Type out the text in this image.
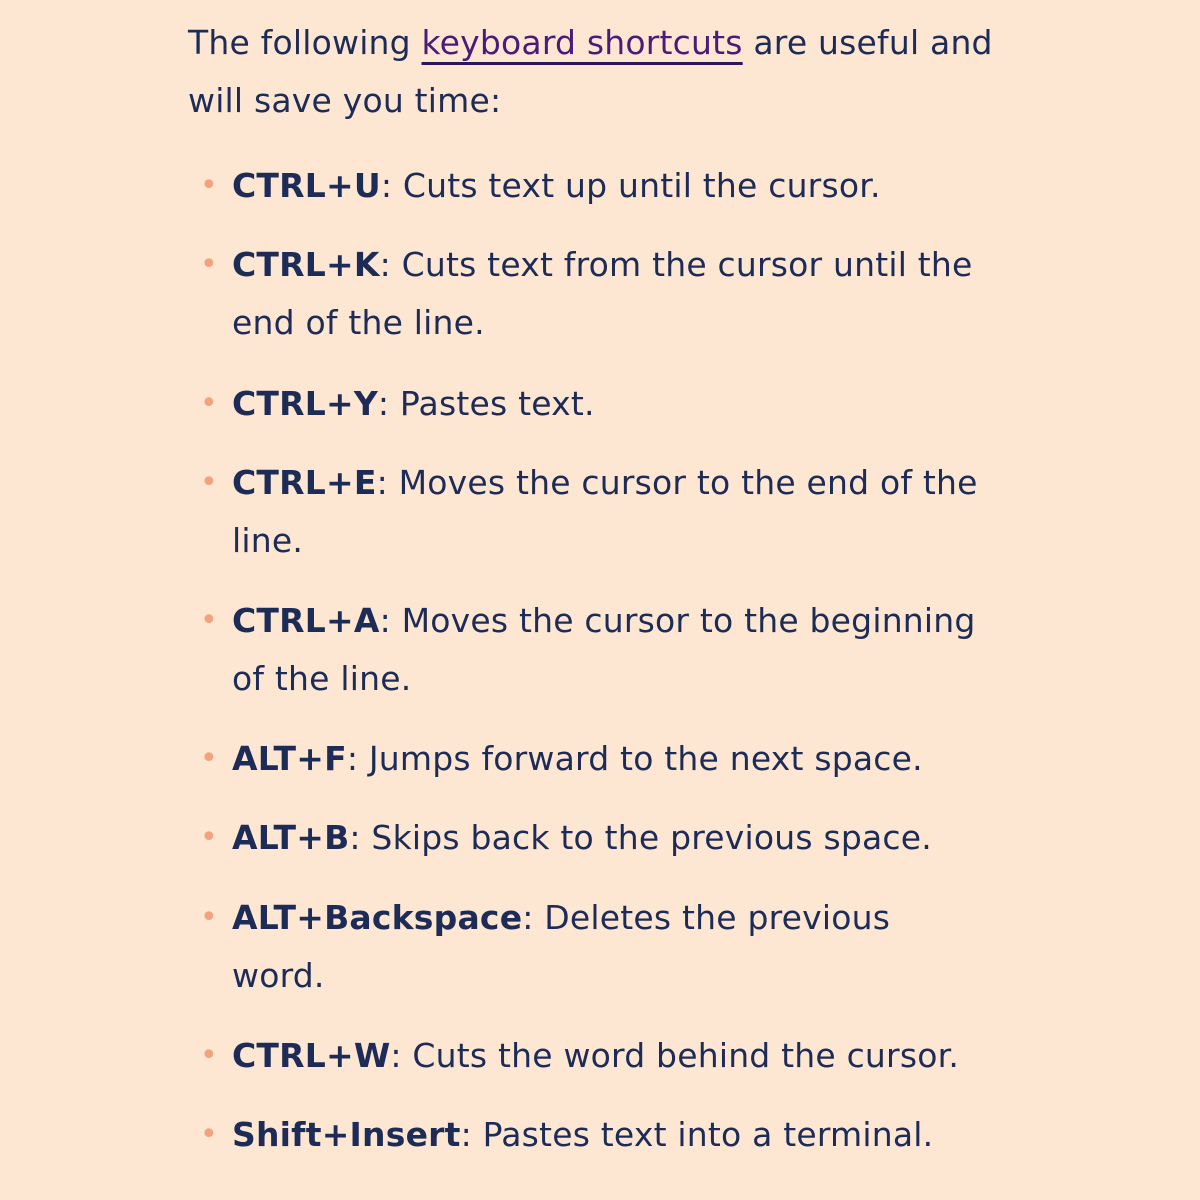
The following keyboard shortcuts are useful and will save you time:

• CTRL+U: Cuts text up until the cursor.
• CTRL+K: Cuts text from the cursor until the end of the line.
• CTRL+Y: Pastes text.
• CTRL+E: Moves the cursor to the end of the line.
• CTRL+A: Moves the cursor to the beginning of the line.
• ALT+F: Jumps forward to the next space.
• ALT+B: Skips back to the previous space.
• ALT+Backspace: Deletes the previous word.
• CTRL+W: Cuts the word behind the cursor.
• Shift+Insert: Pastes text into a terminal.
